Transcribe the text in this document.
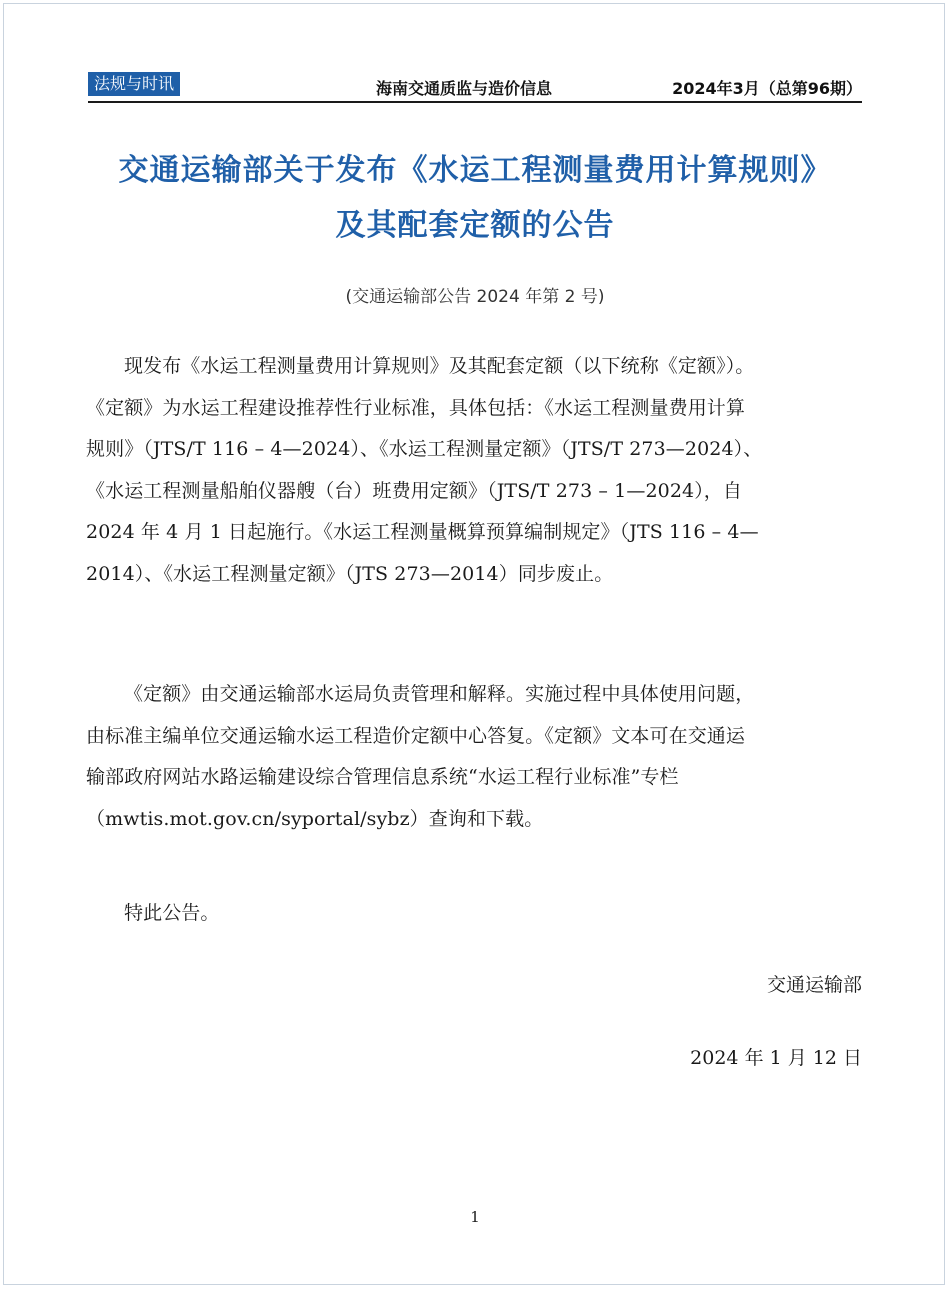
法规与时讯	海南交通质监与造价信息	2024年3月（总第96期）
交通运输部关于发布《水运工程测量费用计算规则》
及其配套定额的公告
(交通运输部公告 2024 年第 2 号)
现发布《水运工程测量费用计算规则》及其配套定额（以下统称《定额》）。
《定额》为水运工程建设推荐性行业标准，具体包括：《水运工程测量费用计算
规则》（JTS/T 116 – 4—2024）、《水运工程测量定额》（JTS/T 273—2024）、
《水运工程测量船舶仪器艘（台）班费用定额》（JTS/T 273 – 1—2024），自
2024 年 4 月 1 日起施行。《水运工程测量概算预算编制规定》（JTS 116 – 4—
2014）、《水运工程测量定额》（JTS 273—2014）同步废止。
《定额》由交通运输部水运局负责管理和解释。实施过程中具体使用问题，
由标准主编单位交通运输水运工程造价定额中心答复。《定额》文本可在交通运
输部政府网站水路运输建设综合管理信息系统“水运工程行业标准”专栏
（mwtis.mot.gov.cn/syportal/sybz）查询和下载。
特此公告。
交通运输部
2024 年 1 月 12 日
1
